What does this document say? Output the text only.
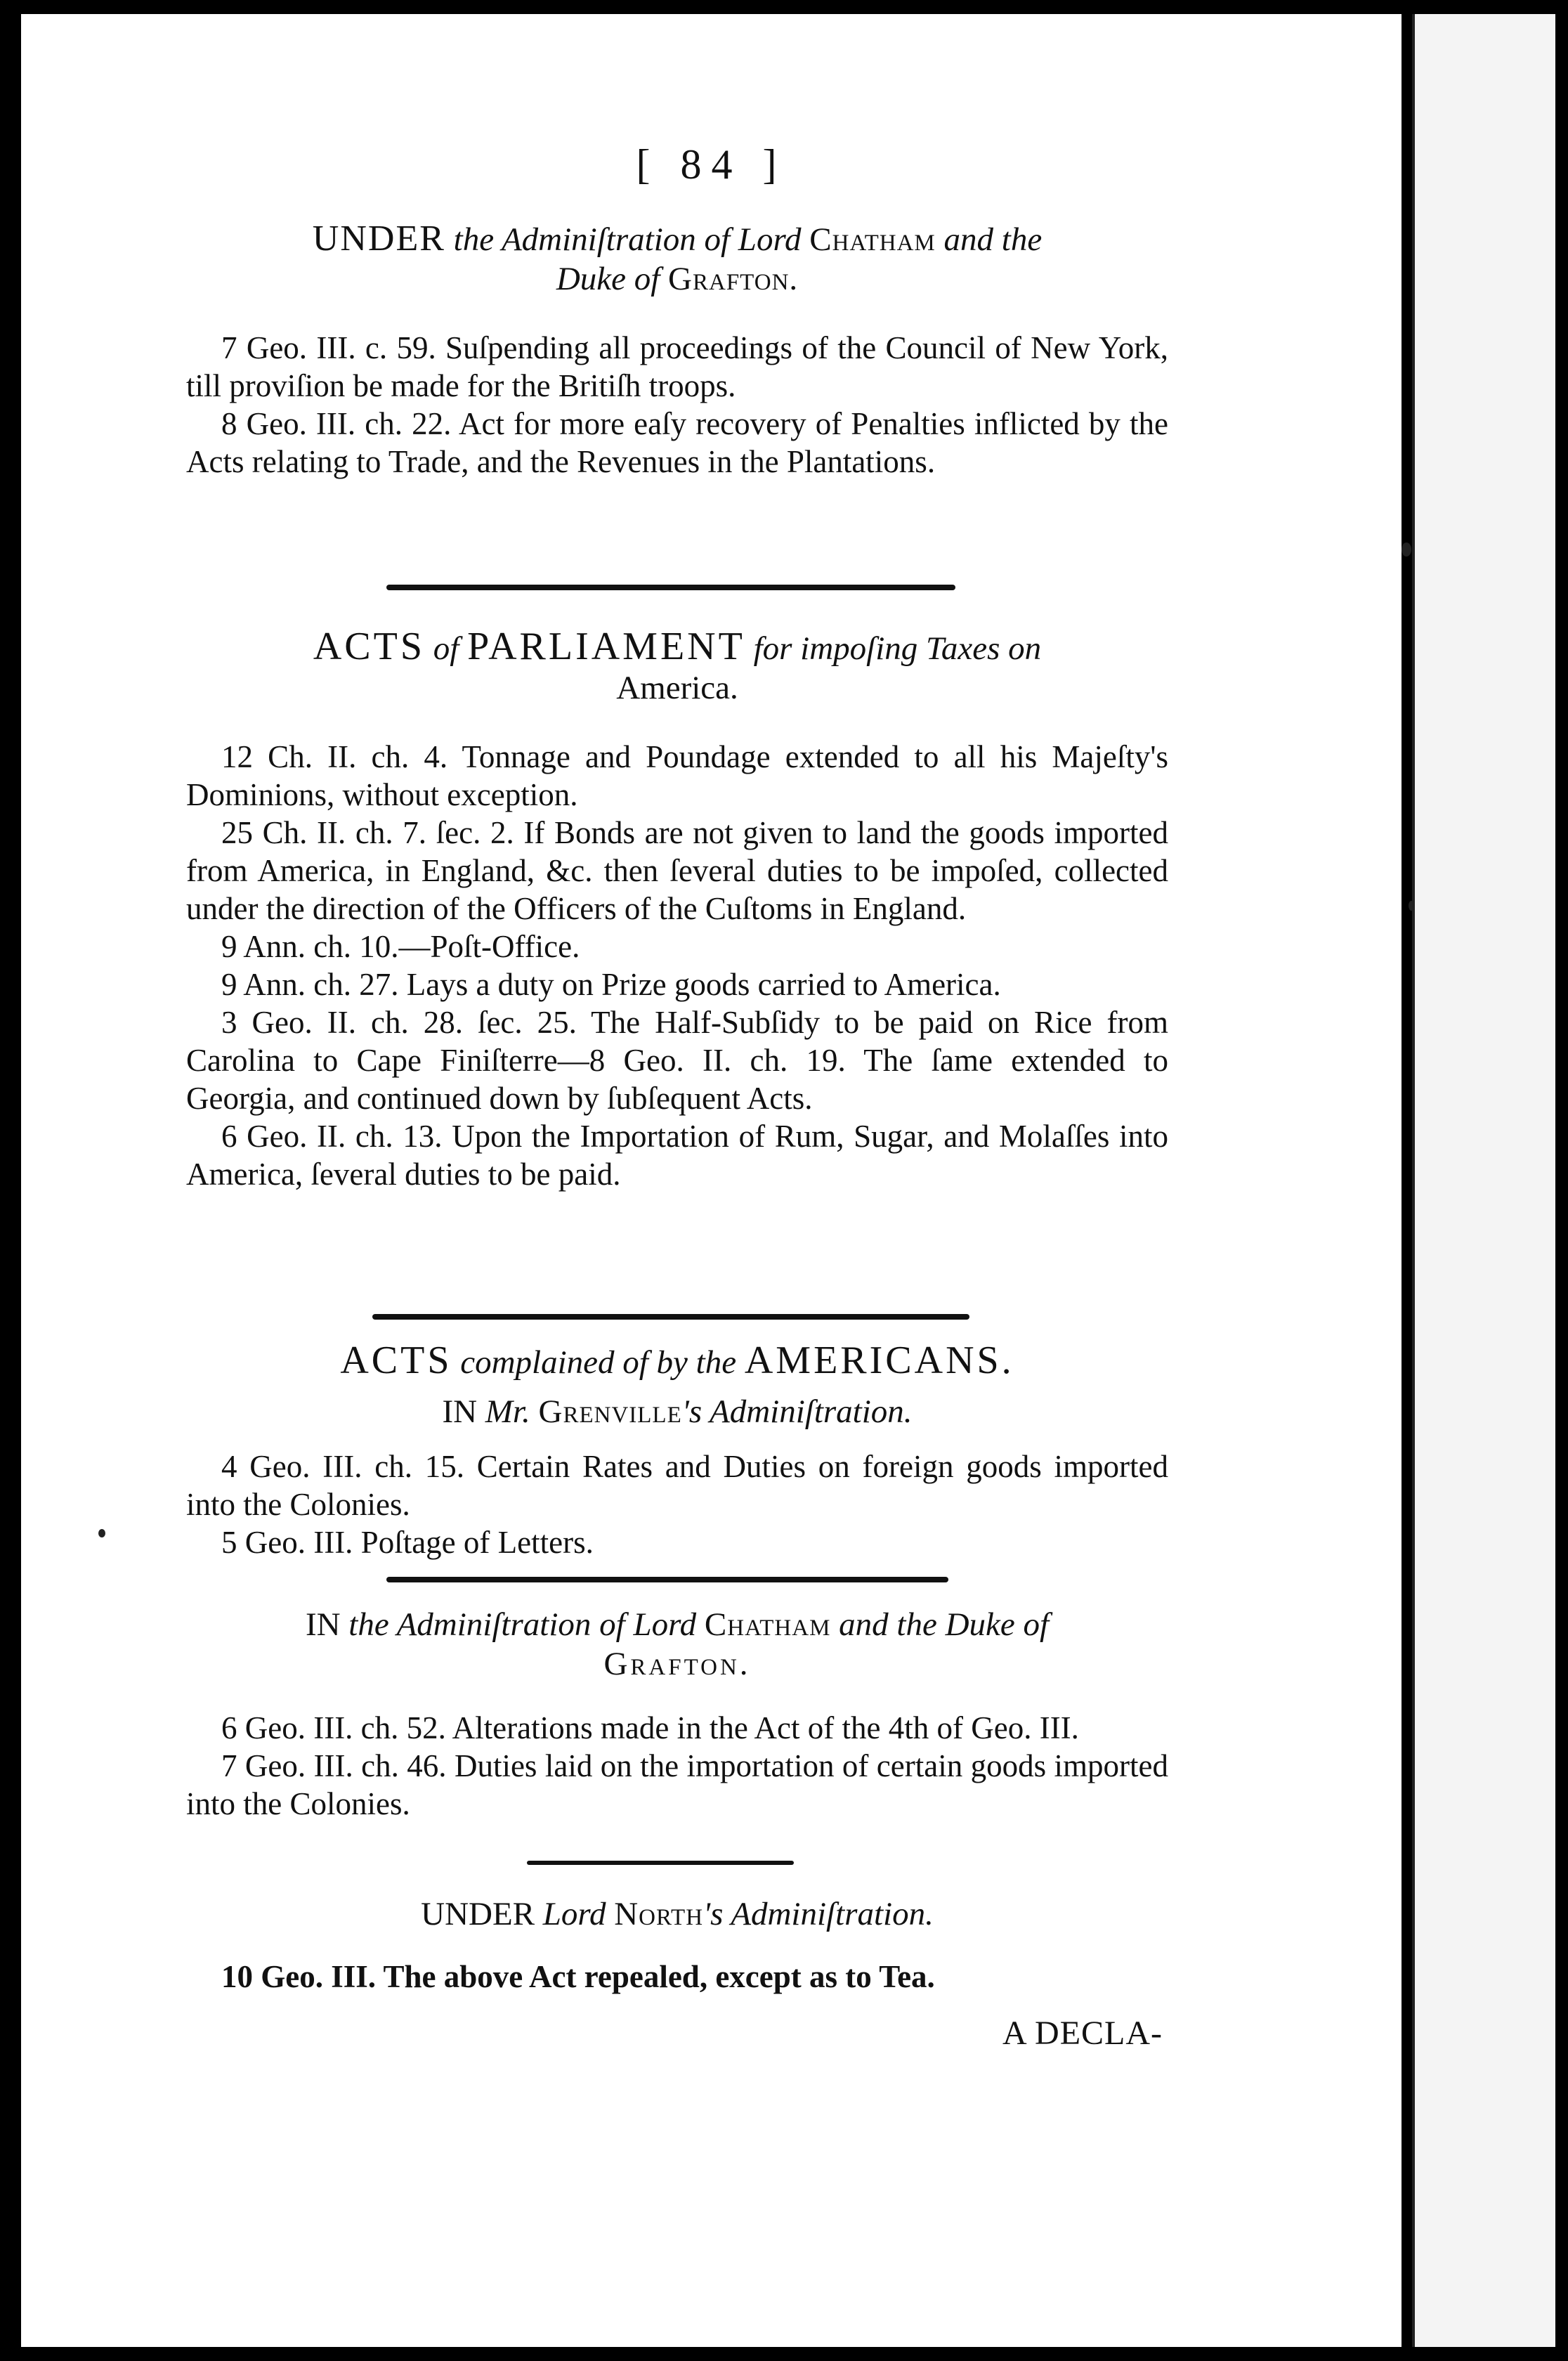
[ 84 ]

UNDER the Adminiſtration of Lord Chatham and the
Duke of Grafton.

7 Geo. III. c. 59. Suſpending all proceedings of the Council of New York, till proviſion be made for the Britiſh troops.

8 Geo. III. ch. 22. Act for more eaſy recovery of Penalties inflicted by the Acts relating to Trade, and the Revenues in the Plantations.

ACTS of PARLIAMENT for impoſing Taxes on
America.

12 Ch. II. ch. 4. Tonnage and Poundage extended to all his Majeſty's Dominions, without exception.

25 Ch. II. ch. 7. ſec. 2. If Bonds are not given to land the goods imported from America, in England, &c. then ſeveral duties to be impoſed, collected under the direction of the Officers of the Cuſtoms in England.

9 Ann. ch. 10.—Poſt-Office.

9 Ann. ch. 27. Lays a duty on Prize goods carried to America.

3 Geo. II. ch. 28. ſec. 25. The Half-Subſidy to be paid on Rice from Carolina to Cape Finiſterre—8 Geo. II. ch. 19. The ſame extended to Georgia, and continued down by ſubſequent Acts.

6 Geo. II. ch. 13. Upon the Importation of Rum, Sugar, and Molaſſes into America, ſeveral duties to be paid.

ACTS complained of by the AMERICANS.

IN Mr. Grenville's Adminiſtration.

4 Geo. III. ch. 15. Certain Rates and Duties on foreign goods imported into the Colonies.

5 Geo. III. Poſtage of Letters.

IN the Adminiſtration of Lord Chatham and the Duke of
Grafton.

6 Geo. III. ch. 52. Alterations made in the Act of the 4th of Geo. III.

7 Geo. III. ch. 46. Duties laid on the importation of certain goods imported into the Colonies.

UNDER Lord North's Adminiſtration.

10 Geo. III. The above Act repealed, except as to Tea.

A DECLA-
